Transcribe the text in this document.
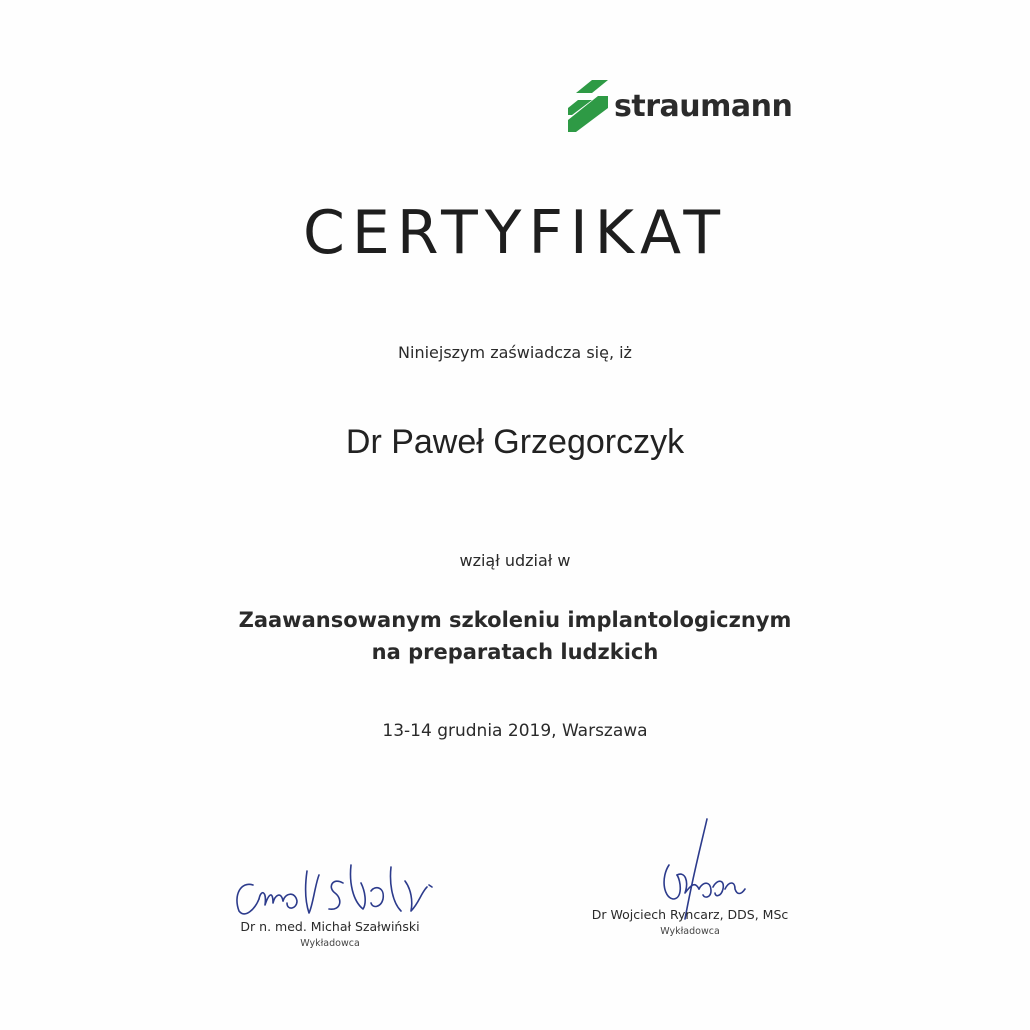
straumann
CERTYFIKAT
Niniejszym zaświadcza się, iż
Dr Paweł Grzegorczyk
wziął udział w
Zaawansowanym szkoleniu implantologicznym
na preparatach ludzkich
13-14 grudnia 2019, Warszawa
Dr n. med. Michał Szałwiński
Wykładowca
Dr Wojciech Ryncarz, DDS, MSc
Wykładowca
